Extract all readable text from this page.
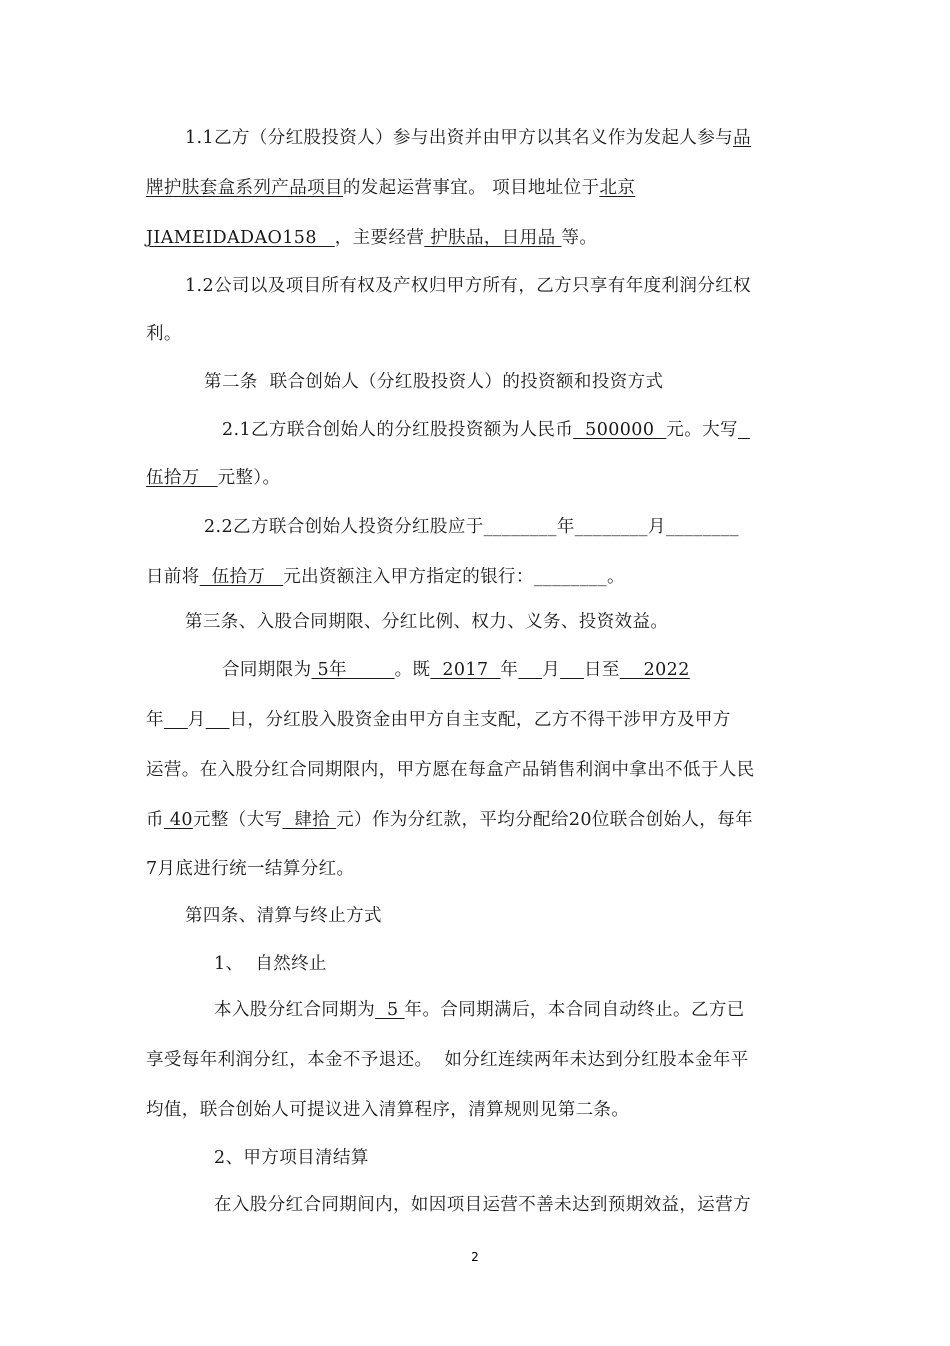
1.1乙方（分红股投资人）参与出资并由甲方以其名义作为发起人参与品
牌护肤套盒系列产品项目的发起运营事宜。 项目地址位于北京
JIAMEIDADAO158   ，主要经营 护肤品，日用品 等。
1.2公司以及项目所有权及产权归甲方所有，乙方只享有年度利润分红权
利。
第二条  联合创始人（分红股投资人）的投资额和投资方式
2.1乙方联合创始人的分红股投资额为人民币  500000  元。大写
伍拾万   元整）。
2.2乙方联合创始人投资分红股应于________年________月________
日前将  伍拾万   元出资额注入甲方指定的银行：________。
第三条、入股合同期限、分红比例、权力、义务、投资效益。
合同期限为 5年        。既  2017  年 月 日至    2022
年 月 日，分红股入股资金由甲方自主支配，乙方不得干涉甲方及甲方
运营。在入股分红合同期限内，甲方愿在每盒产品销售利润中拿出不低于人民
币 40元整（大写  肆拾 元）作为分红款，平均分配给20位联合创始人，每年
7月底进行统一结算分红。
第四条、清算与终止方式
1、  自然终止
本入股分红合同期为  5 年。合同期满后，本合同自动终止。乙方已
享受每年利润分红，本金不予退还。  如分红连续两年未达到分红股本金年平
均值，联合创始人可提议进入清算程序，清算规则见第二条。
2、甲方项目清结算
在入股分红合同期间内，如因项目运营不善未达到预期效益，运营方
2
